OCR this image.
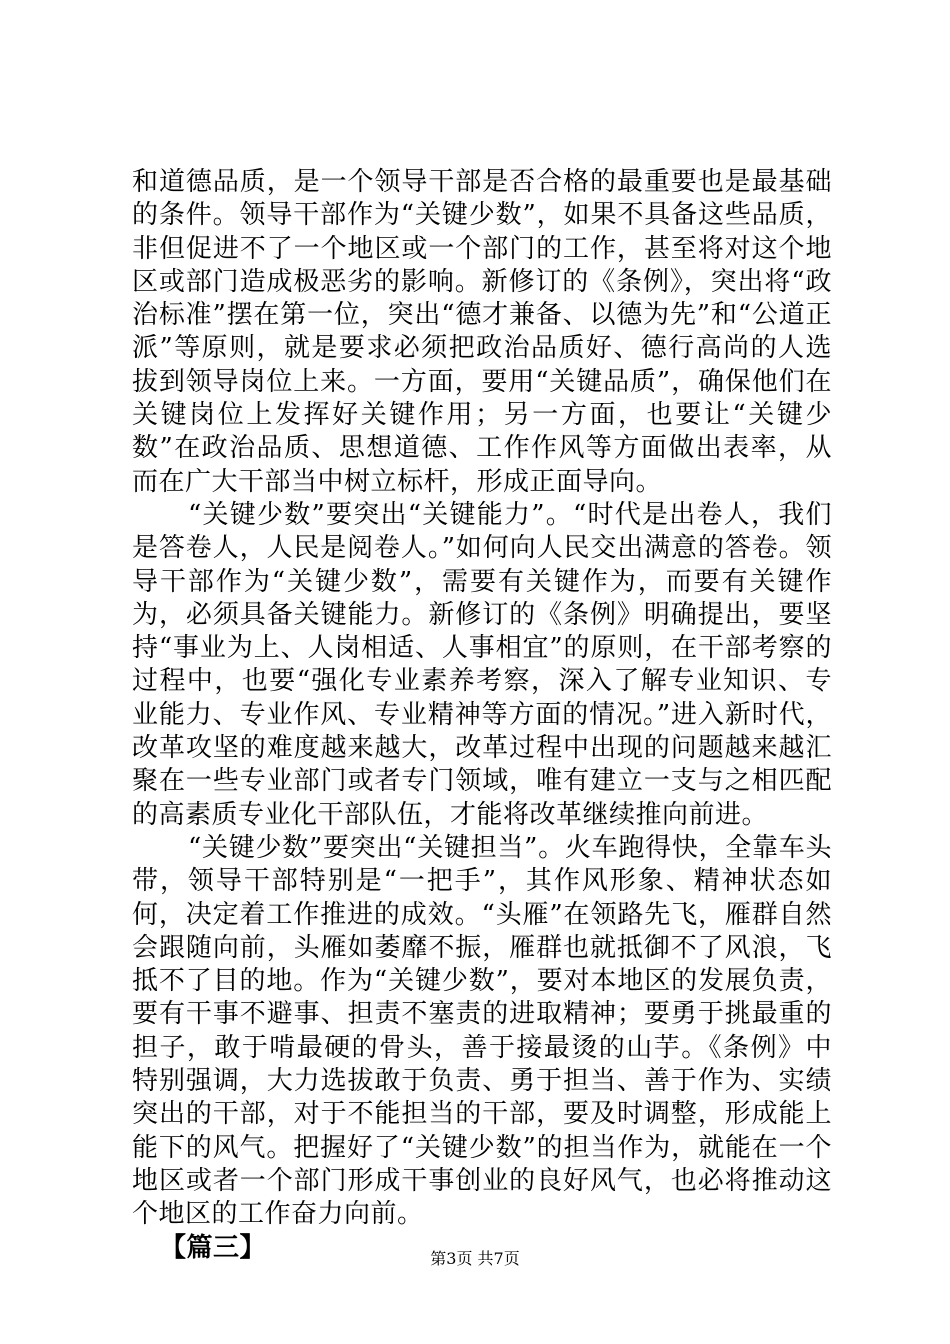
和道德品质，是一个领导干部是否合格的最重要也是最基础的条件。领导干部作为“关键少数”，如果不具备这些品质，非但促进不了一个地区或一个部门的工作，甚至将对这个地区或部门造成极恶劣的影响。新修订的《条例》，突出将“政治标准”摆在第一位，突出“德才兼备、以德为先”和“公道正派”等原则，就是要求必须把政治品质好、德行高尚的人选拔到领导岗位上来。一方面，要用“关键品质”，确保他们在关键岗位上发挥好关键作用；另一方面，也要让“关键少数”在政治品质、思想道德、工作作风等方面做出表率，从而在广大干部当中树立标杆，形成正面导向。

“关键少数”要突出“关键能力”。“时代是出卷人，我们是答卷人，人民是阅卷人。”如何向人民交出满意的答卷。领导干部作为“关键少数”，需要有关键作为，而要有关键作为，必须具备关键能力。新修订的《条例》明确提出，要坚持“事业为上、人岗相适、人事相宜”的原则，在干部考察的过程中，也要“强化专业素养考察，深入了解专业知识、专业能力、专业作风、专业精神等方面的情况。”进入新时代，改革攻坚的难度越来越大，改革过程中出现的问题越来越汇聚在一些专业部门或者专门领域，唯有建立一支与之相匹配的高素质专业化干部队伍，才能将改革继续推向前进。

“关键少数”要突出“关键担当”。火车跑得快，全靠车头带，领导干部特别是“一把手”，其作风形象、精神状态如何，决定着工作推进的成效。“头雁”在领路先飞，雁群自然会跟随向前，头雁如萎靡不振，雁群也就抵御不了风浪，飞抵不了目的地。作为“关键少数”，要对本地区的发展负责，要有干事不避事、担责不塞责的进取精神；要勇于挑最重的担子，敢于啃最硬的骨头，善于接最烫的山芋。《条例》中特别强调，大力选拔敢于负责、勇于担当、善于作为、实绩突出的干部，对于不能担当的干部，要及时调整，形成能上能下的风气。把握好了“关键少数”的担当作为，就能在一个地区或者一个部门形成干事创业的良好风气，也必将推动这个地区的工作奋力向前。

【篇三】	第3页 共7页
